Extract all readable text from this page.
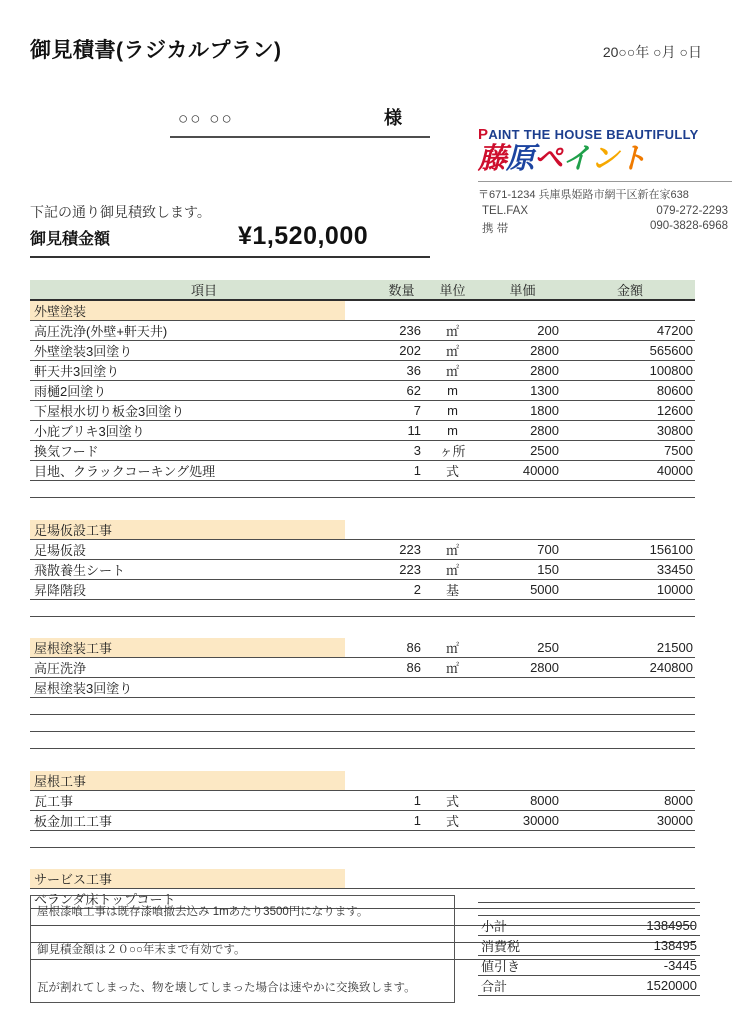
御見積書(ラジカルプラン)	20○○年 ○月 ○日
○○ ○○	様
PAINT THE HOUSE BEAUTIFULLY
藤原ペイント
〒671-1234 兵庫県姫路市網干区新在家638
TEL.FAX	079-272-2293
携 帯	090-3828-6968
下記の通り御見積致します。
御見積金額	¥1,520,000
項目	数量	単位	単価	金額
外壁塗装				
高圧洗浄(外壁+軒天井)	236	㎡	200	47200
外壁塗装3回塗り	202	㎡	2800	565600
軒天井3回塗り	36	㎡	2800	100800
雨樋2回塗り	62	m	1300	80600
下屋根水切り板金3回塗り	7	m	1800	12600
小庇ブリキ3回塗り	11	m	2800	30800
換気フード	3	ヶ所	2500	7500
目地、クラックコーキング処理	1	式	40000	40000

足場仮設工事				
足場仮設	223	㎡	700	156100
飛散養生シート	223	㎡	150	33450
昇降階段	2	基	5000	10000

屋根塗装工事	86	㎡	250	21500
高圧洗浄	86	㎡	2800	240800
屋根塗装3回塗り				

屋根工事				
瓦工事	1	式	8000	8000
板金加工工事	1	式	30000	30000

サービス工事				
ベランダ床トップコート				

屋根漆喰工事は既存漆喰撤去込み 1mあたり3500円になります。
御見積金額は２０○○年末まで有効です。
瓦が割れてしまった、物を壊してしまった場合は速やかに交換致します。
小計	1384950
消費税	138495
値引き	-3445
合計	1520000
